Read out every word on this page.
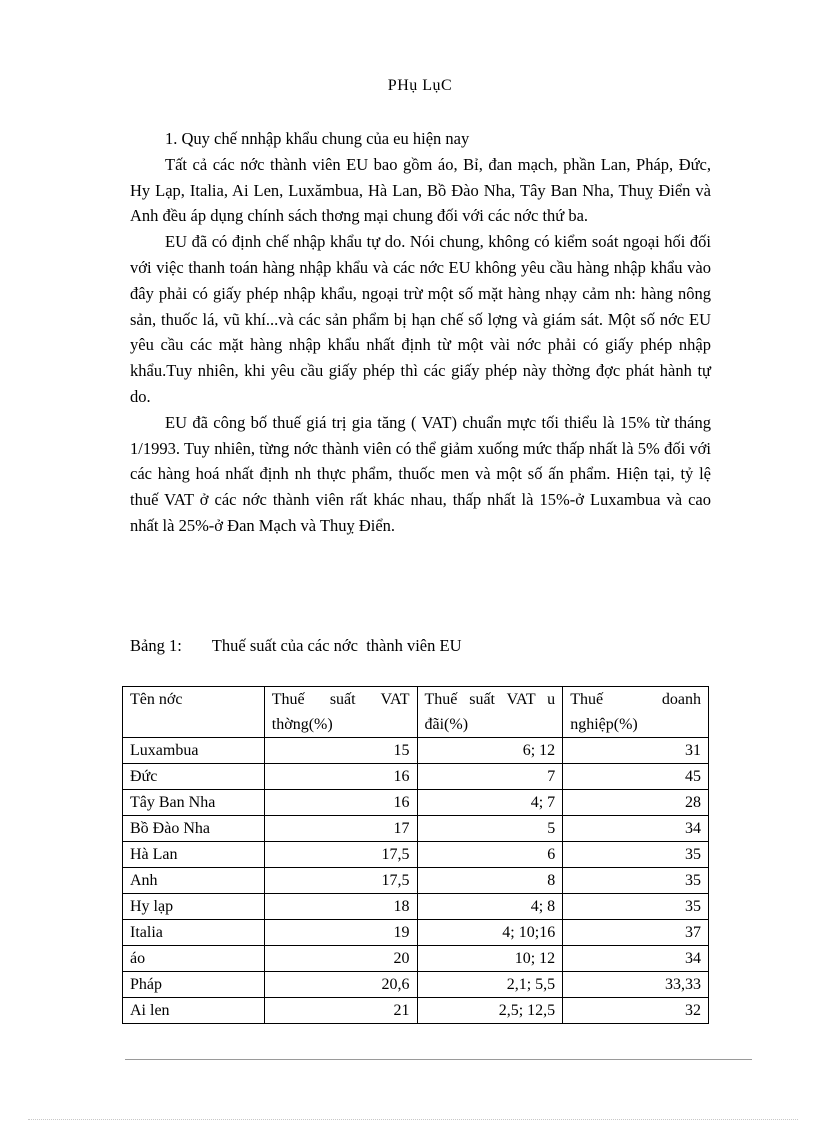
PHụ LụC

1. Quy chế nnhập khẩu chung của eu hiện nay

Tất cả các nớc thành viên EU bao gồm áo, Bỉ, đan mạch, phần Lan, Pháp, Đức, Hy Lạp, Italia, Ai Len, Luxămbua, Hà Lan, Bồ Đào Nha, Tây Ban Nha, Thuỵ Điển và Anh đều áp dụng chính sách thơng mại chung đối với các nớc thứ ba.

EU đã có định chế nhập khẩu tự do. Nói chung, không có kiểm soát ngoại hối đối với việc thanh toán hàng nhập khẩu và các nớc EU không yêu cầu hàng nhập khẩu vào đây phải có giấy phép nhập khẩu, ngoại trừ một số mặt hàng nhạy cảm nh: hàng nông sản, thuốc lá, vũ khí...và các sản phẩm bị hạn chế số lợng và giám sát. Một số nớc EU yêu cầu các mặt hàng nhập khẩu nhất định từ một vài nớc phải có giấy phép nhập khẩu.Tuy nhiên, khi yêu cầu giấy phép thì các giấy phép này thờng đợc phát hành tự do.

EU đã công bố thuế giá trị gia tăng ( VAT) chuẩn mực tối thiểu là 15% từ tháng 1/1993. Tuy nhiên, từng nớc thành viên có thể giảm xuống mức thấp nhất là 5% đối với các hàng hoá nhất định nh thực phẩm, thuốc men và một số ấn phẩm. Hiện tại, tỷ lệ thuế VAT ở các nớc thành viên rất khác nhau, thấp nhất là 15%-ở Luxambua và cao nhất là 25%-ở Đan Mạch và Thuỵ Điển.

Bảng 1: Thuế suất của các nớc  thành viên EU
Tên nớc	Thuế suất VAT thờng(%)	Thuế suất VAT u đãi(%)	Thuế doanh nghiệp(%)

Luxambua	15	6; 12	31
Đức	16	7	45
Tây Ban Nha	16	4; 7	28
Bồ Đào Nha	17	5	34
Hà Lan	17,5	6	35
Anh	17,5	8	35
Hy lạp	18	4; 8	35
Italia	19	4; 10;16	37
áo	20	10; 12	34
Pháp	20,6	2,1; 5,5	33,33
Ai len	21	2,5; 12,5	32
